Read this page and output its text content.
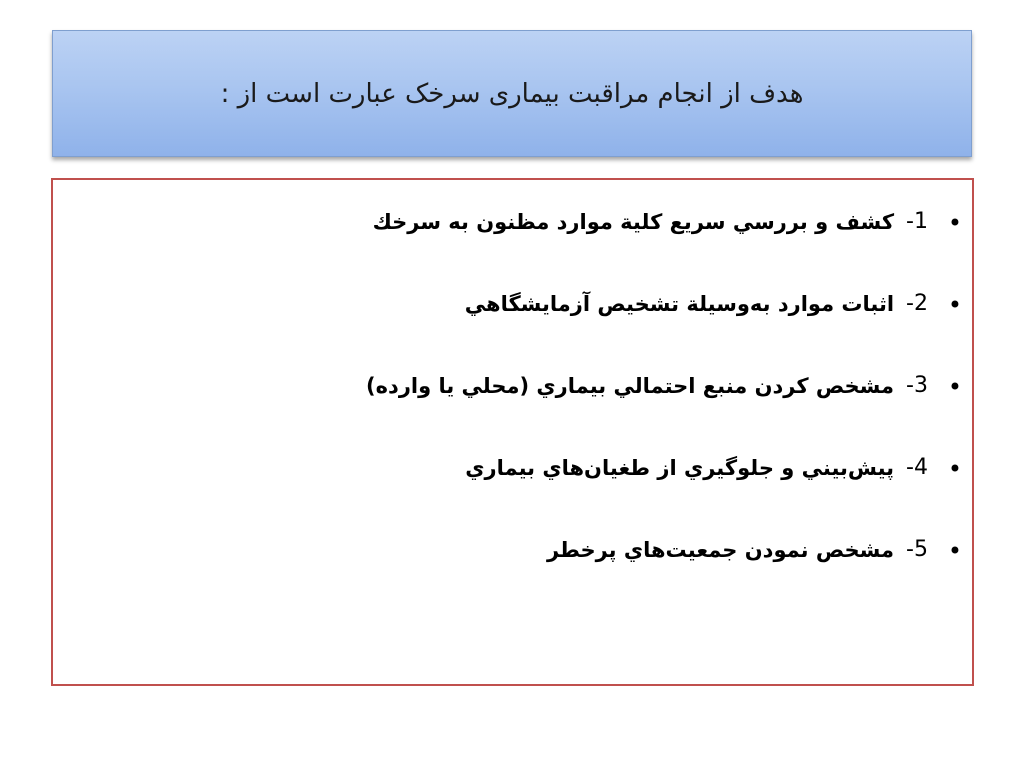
هدف از انجام مراقبت بیماری سرخک عبارت است از :
•
1-
کشف و بررسي سريع کلية موارد مظنون به سرخك
•
2-
اثبات موارد به‌وسيلة تشخيص آزمايشگاهي
•
3-
مشخص کردن منبع احتمالي بيماري (محلي يا وارده)
•
4-
پيش‌بيني و جلوگيري از طغيان‌هاي بيماري
•
5-
مشخص نمودن جمعيت‌هاي پرخطر
